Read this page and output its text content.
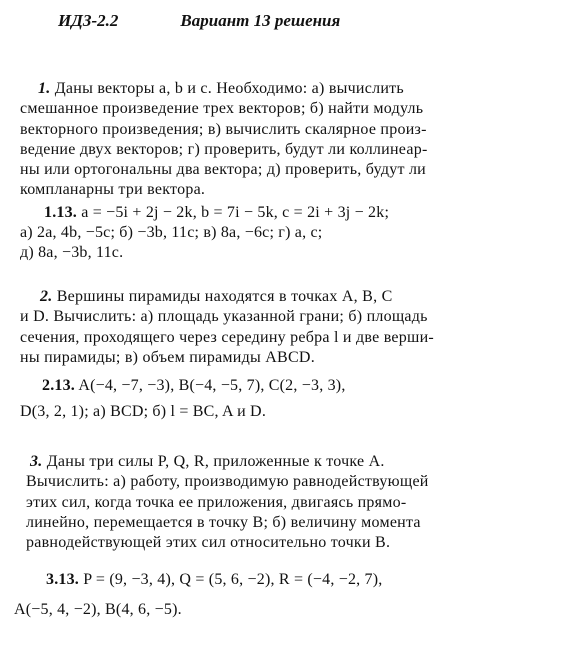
ИДЗ-2.2	Вариант 13 решения
1. Даны векторы a, b и c. Необходимо: а) вычислить
смешанное произведение трех векторов; б) найти модуль
векторного произведения; в) вычислить скалярное произ-
ведение двух векторов; г) проверить, будут ли коллинеар-
ны или ортогональны два вектора; д) проверить, будут ли
компланарны три вектора.
1.13. a = −5i + 2j − 2k, b = 7i − 5k, c = 2i + 3j − 2k;
а) 2a, 4b, −5c; б) −3b, 11c; в) 8a, −6c; г) a, c;
д) 8a, −3b, 11c.
2. Вершины пирамиды находятся в точках A, B, C
и D. Вычислить: а) площадь указанной грани; б) площадь
сечения, проходящего через середину ребра l и две верши-
ны пирамиды; в) объем пирамиды ABCD.
2.13. A(−4, −7, −3), B(−4, −5, 7), C(2, −3, 3),
D(3, 2, 1); а) BCD; б) l = BC, A и D.
3. Даны три силы P, Q, R, приложенные к точке A.
Вычислить: а) работу, производимую равнодействующей
этих сил, когда точка ее приложения, двигаясь прямо-
линейно, перемещается в точку B; б) величину момента
равнодействующей этих сил относительно точки B.
3.13. P = (9, −3, 4), Q = (5, 6, −2), R = (−4, −2, 7),
A(−5, 4, −2), B(4, 6, −5).
